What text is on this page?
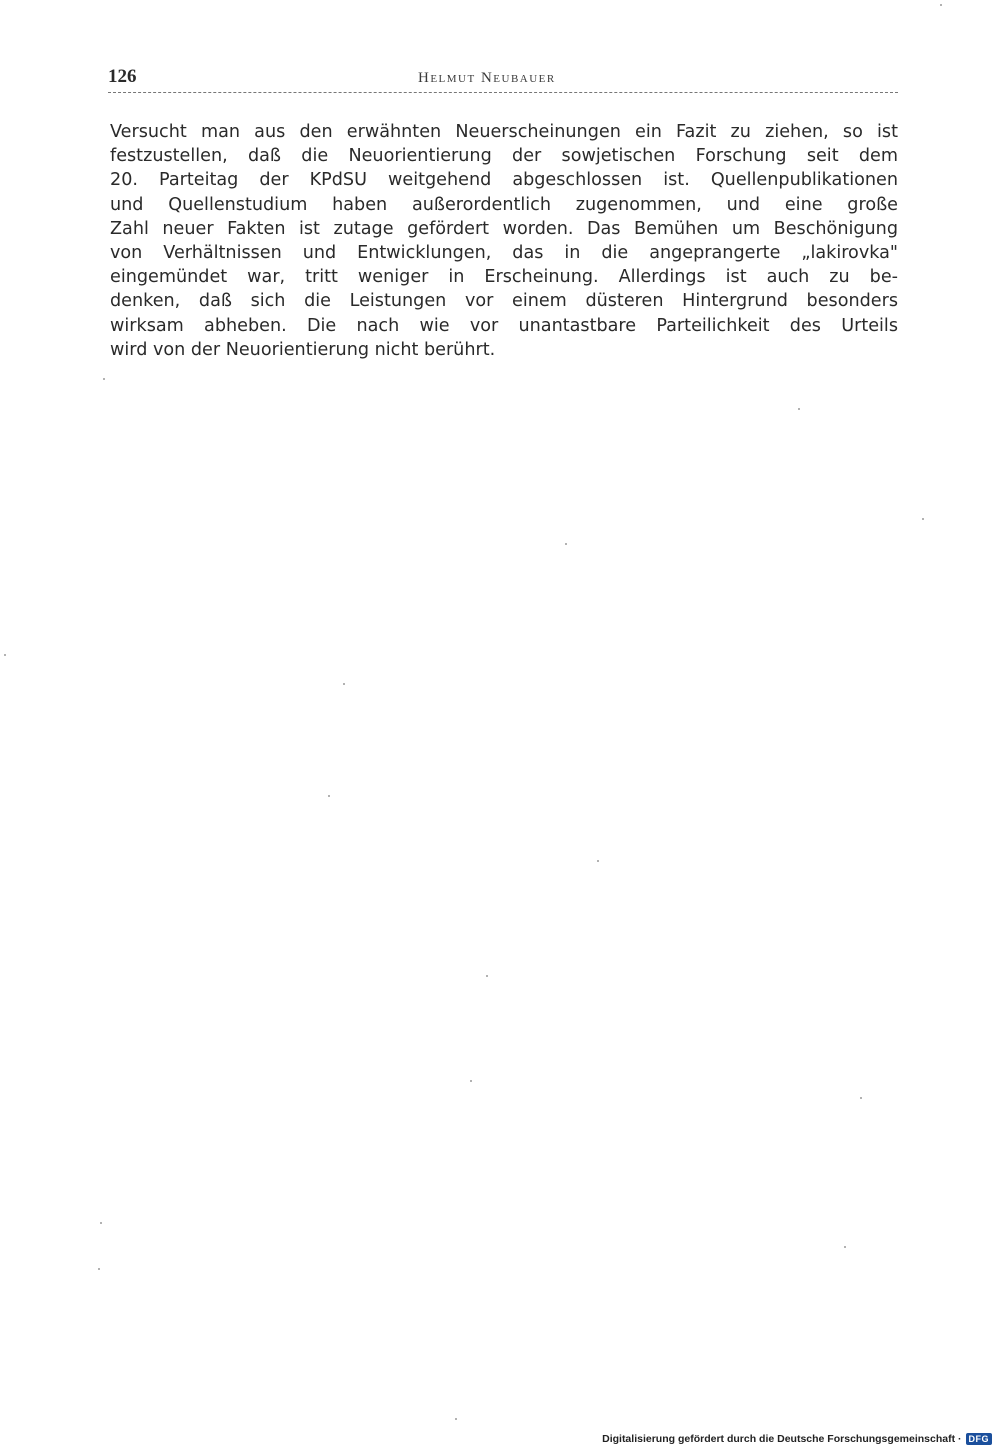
126	Helmut Neubauer
Versucht man aus den erwähnten Neuerscheinungen ein Fazit zu ziehen, so ist
festzustellen, daß die Neuorientierung der sowjetischen Forschung seit dem
20. Parteitag der KPdSU weitgehend abgeschlossen ist. Quellenpublikationen
und Quellenstudium haben außerordentlich zugenommen, und eine große
Zahl neuer Fakten ist zutage gefördert worden. Das Bemühen um Beschönigung
von Verhältnissen und Entwicklungen, das in die angeprangerte „lakirovka"
eingemündet war, tritt weniger in Erscheinung. Allerdings ist auch zu be-
denken, daß sich die Leistungen vor einem düsteren Hintergrund besonders
wirksam abheben. Die nach wie vor unantastbare Parteilichkeit des Urteils
wird von der Neuorientierung nicht berührt.
Digitalisierung gefördert durch die Deutsche Forschungsgemeinschaft · DFG
